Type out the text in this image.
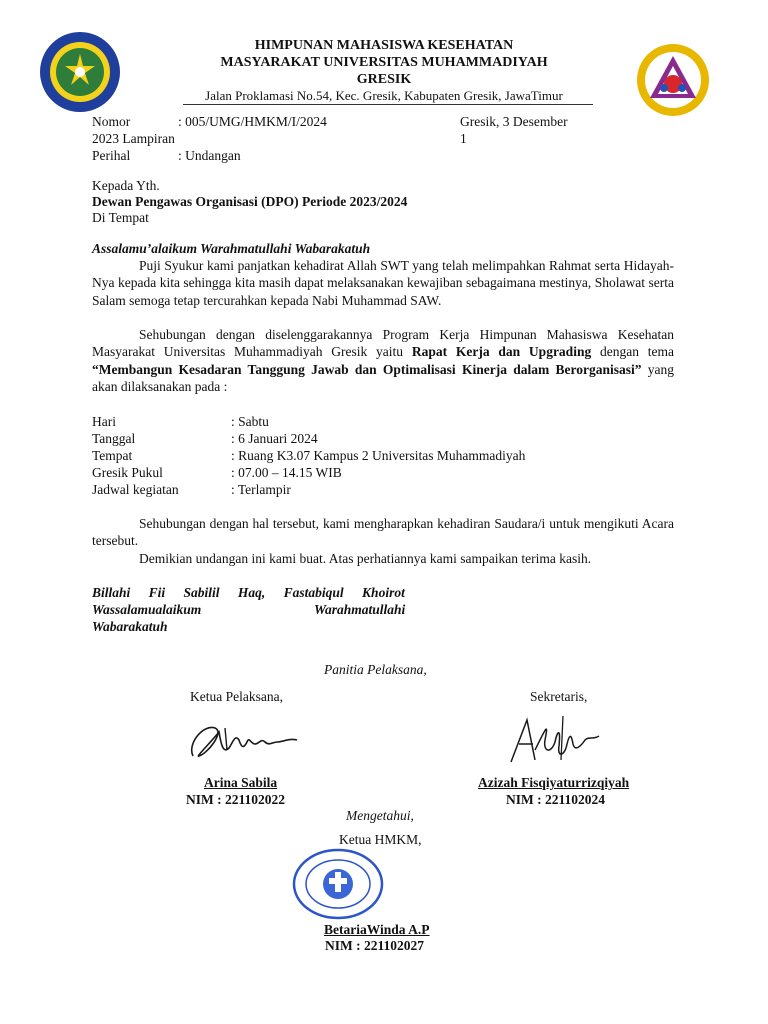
HIMPUNAN MAHASISWA KESEHATAN
MASYARAKAT UNIVERSITAS MUHAMMADIYAH
GRESIK
Jalan Proklamasi No.54, Kec. Gresik, Kabupaten Gresik, JawaTimur
Nomor	: 005/UMG/HMKM/I/2024	Gresik, 3 Desember
2023 Lampiran	1
Perihal	: Undangan
Kepada Yth.
Dewan Pengawas Organisasi (DPO) Periode 2023/2024
Di Tempat
Assalamu’alaikum Warahmatullahi Wabarakatuh
Puji Syukur kami panjatkan kehadirat Allah SWT yang telah melimpahkan Rahmat serta Hidayah-Nya kepada kita sehingga kita masih dapat melaksanakan kewajiban sebagaimana mestinya, Sholawat serta Salam semoga tetap tercurahkan kepada Nabi Muhammad SAW.
Sehubungan dengan diselenggarakannya Program Kerja Himpunan Mahasiswa Kesehatan Masyarakat Universitas Muhammadiyah Gresik yaitu Rapat Kerja dan Upgrading dengan tema “Membangun Kesadaran Tanggung Jawab dan Optimalisasi Kinerja dalam Berorganisasi” yang akan dilaksanakan pada :
Hari	: Sabtu
Tanggal	: 6 Januari 2024
Tempat	: Ruang K3.07 Kampus 2 Universitas Muhammadiyah
Gresik Pukul	: 07.00 – 14.15 WIB
Jadwal kegiatan	: Terlampir
Sehubungan dengan hal tersebut, kami mengharapkan kehadiran Saudara/i untuk mengikuti Acara tersebut.
Demikian undangan ini kami buat. Atas perhatiannya kami sampaikan terima kasih.
Billahi Fii Sabilil Haq, Fastabiqul Khoirot
Wassalamualaikum	Warahmatullahi
Wabarakatuh
Panitia Pelaksana,
Ketua Pelaksana,	Sekretaris,
Arina Sabila	Azizah Fisqiyaturrizqiyah
NIM : 221102022	NIM : 221102024
Mengetahui,
Ketua HMKM,
BetariaWinda A.P
NIM : 221102027
